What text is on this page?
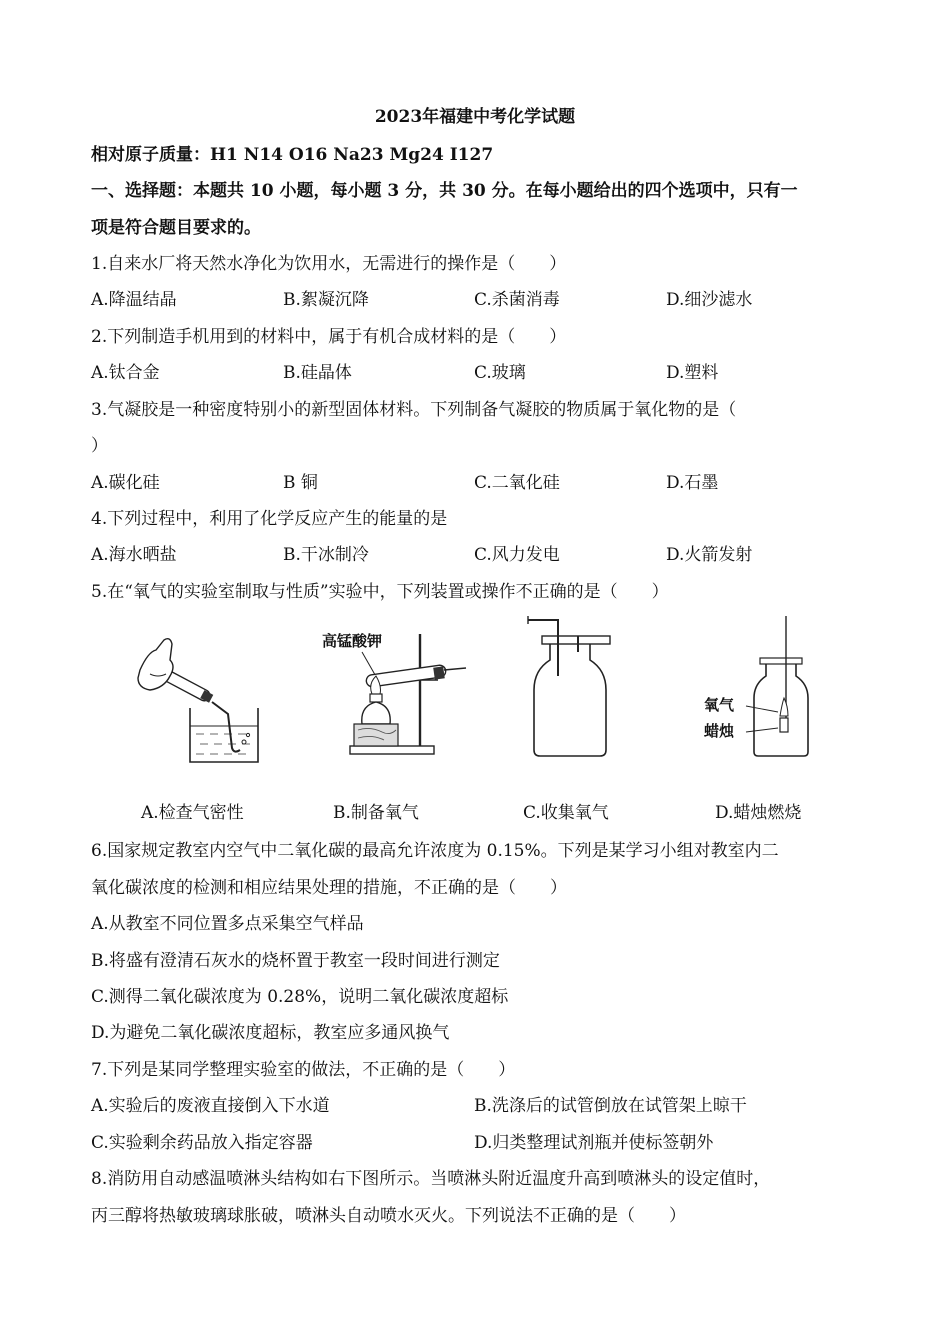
2023年福建中考化学试题
相对原子质量：H1 N14 O16 Na23 Mg24 I127
一、选择题：本题共 10 小题，每小题 3 分，共 30 分。在每小题给出的四个选项中，只有一
项是符合题目要求的。
1.自来水厂将天然水净化为饮用水，无需进行的操作是（　　）
A.降温结晶	B.絮凝沉降	C.杀菌消毒	D.细沙滤水
2.下列制造手机用到的材料中，属于有机合成材料的是（　　）
A.钛合金	B.硅晶体	C.玻璃	D.塑料
3.气凝胶是一种密度特别小的新型固体材料。下列制备气凝胶的物质属于氧化物的是（
）
A.碳化硅	B 铜	C.二氧化硅	D.石墨
4.下列过程中，利用了化学反应产生的能量的是
A.海水晒盐	B.干冰制冷	C.风力发电	D.火箭发射
5.在“氧气的实验室制取与性质”实验中，下列装置或操作不正确的是（　　）
高锰酸钾
氧气
蜡烛
A.检查气密性	B.制备氧气	C.收集氧气	D.蜡烛燃烧
6.国家规定教室内空气中二氧化碳的最高允许浓度为 0.15%。下列是某学习小组对教室内二
氧化碳浓度的检测和相应结果处理的措施，不正确的是（　　）
A.从教室不同位置多点采集空气样品
B.将盛有澄清石灰水的烧杯置于教室一段时间进行测定
C.测得二氧化碳浓度为 0.28%，说明二氧化碳浓度超标
D.为避免二氧化碳浓度超标，教室应多通风换气
7.下列是某同学整理实验室的做法，不正确的是（　　）
A.实验后的废液直接倒入下水道	B.洗涤后的试管倒放在试管架上晾干
C.实验剩余药品放入指定容器	D.归类整理试剂瓶并使标签朝外
8.消防用自动感温喷淋头结构如右下图所示。当喷淋头附近温度升高到喷淋头的设定值时，
丙三醇将热敏玻璃球胀破，喷淋头自动喷水灭火。下列说法不正确的是（　　）
